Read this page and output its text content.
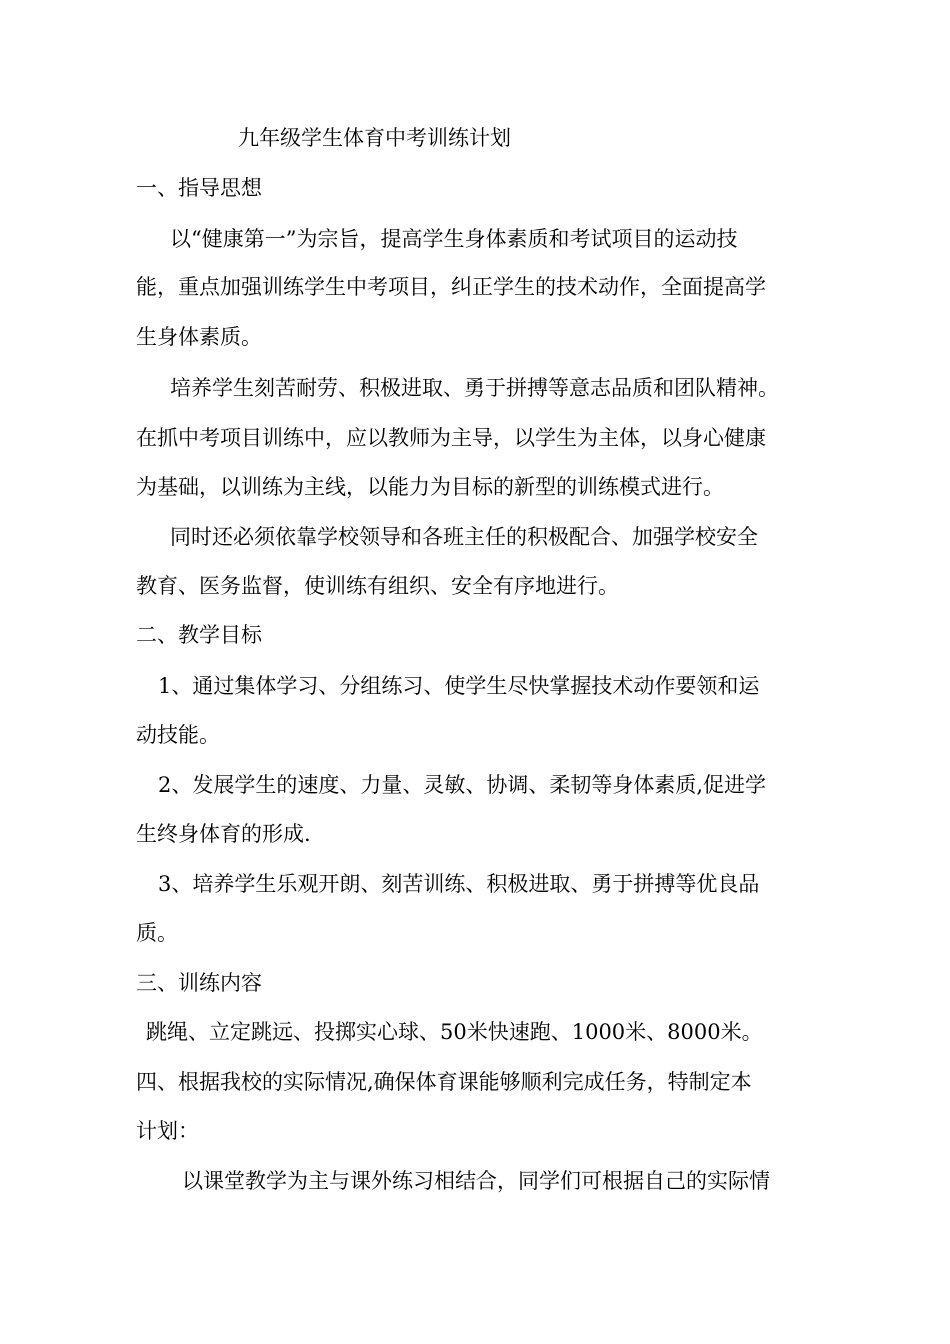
九年级学生体育中考训练计划
一、指导思想
以“健康第一”为宗旨，提高学生身体素质和考试项目的运动技
能，重点加强训练学生中考项目，纠正学生的技术动作，全面提高学
生身体素质。
培养学生刻苦耐劳、积极进取、勇于拼搏等意志品质和团队精神。
在抓中考项目训练中，应以教师为主导，以学生为主体，以身心健康
为基础，以训练为主线，以能力为目标的新型的训练模式进行。
同时还必须依靠学校领导和各班主任的积极配合、加强学校安全
教育、医务监督，使训练有组织、安全有序地进行。
二、教学目标
1、通过集体学习、分组练习、使学生尽快掌握技术动作要领和运
动技能。
2、发展学生的速度、力量、灵敏、协调、柔韧等身体素质,促进学
生终身体育的形成.
3、培养学生乐观开朗、刻苦训练、积极进取、勇于拼搏等优良品
质。
三、训练内容
跳绳、立定跳远、投掷实心球、50米快速跑、1000米、8000米。
四、根据我校的实际情况,确保体育课能够顺利完成任务，特制定本
计划：
以课堂教学为主与课外练习相结合，同学们可根据自己的实际情
